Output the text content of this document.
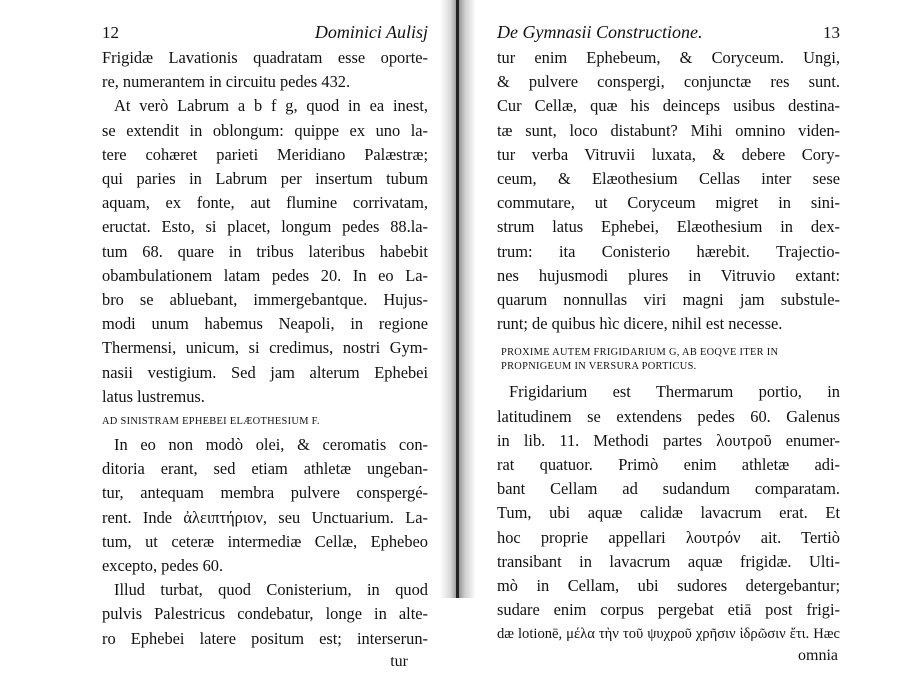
12	Dominici Aulisj
Frigidæ Lavationis quadratam esse oporte-
re, numerantem in circuitu pedes 432.
At verò Labrum a b f g, quod in ea inest,
se extendit in oblongum: quippe ex uno la-
tere cohæret parieti Meridiano Palæstræ;
qui paries in Labrum per insertum tubum
aquam, ex fonte, aut flumine corrivatam,
eructat. Esto, si placet, longum pedes 88.la-
tum 68. quare in tribus lateribus habebit
obambulationem latam pedes 20. In eo La-
bro se abluebant, immergebantque. Hujus-
modi unum habemus Neapoli, in regione
Thermensi, unicum, si credimus, nostri Gym-
nasii vestigium. Sed jam alterum Ephebei
latus lustremus.
AD SINISTRAM EPHEBEI ELÆOTHESIUM F.
In eo non modò olei, & ceromatis con-
ditoria erant, sed etiam athletæ ungeban-
tur, antequam membra pulvere conspergé-
rent. Inde ἀλειπτήριον, seu Unctuarium. La-
tum, ut ceteræ intermediæ Cellæ, Ephebeo
excepto, pedes 60.
Illud turbat, quod Conisterium, in quod
pulvis Palestricus condebatur, longe in alte-
ro Ephebei latere positum est; interserun-
tur
De Gymnasii Constructione.	13
tur enim Ephebeum, & Coryceum. Ungi,
& pulvere conspergi, conjunctæ res sunt.
Cur Cellæ, quæ his deinceps usibus destina-
tæ sunt, loco distabunt? Mihi omnino viden-
tur verba Vitruvii luxata, & debere Cory-
ceum, & Elæothesium Cellas inter sese
commutare, ut Coryceum migret in sini-
strum latus Ephebei, Elæothesium in dex-
trum: ita Conisterio hærebit. Trajectio-
nes hujusmodi plures in Vitruvio extant:
quarum nonnullas viri magni jam substule-
runt; de quibus hìc dicere, nihil est necesse.
PROXIME AUTEM FRIGIDARIUM G, AB EOQVE ITER IN
PROPNIGEUM IN VERSURA PORTICUS.
Frigidarium est Thermarum portio, in
latitudinem se extendens pedes 60. Galenus
in lib. 11. Methodi partes λουτροῦ enumer-
rat quatuor. Primò enim athletæ adi-
bant Cellam ad sudandum comparatam.
Tum, ubi aquæ calidæ lavacrum erat. Et
hoc proprie appellari λουτρόν ait. Tertiò
transibant in lavacrum aquæ frigidæ. Ulti-
mò in Cellam, ubi sudores detergebantur;
sudare enim corpus pergebat etiā post frigi-
dæ lotionē, μέλα τὴν τοῦ ψυχροῦ χρῆσιν ἱδρῶσιν ἔτι. Hæc
omnia
